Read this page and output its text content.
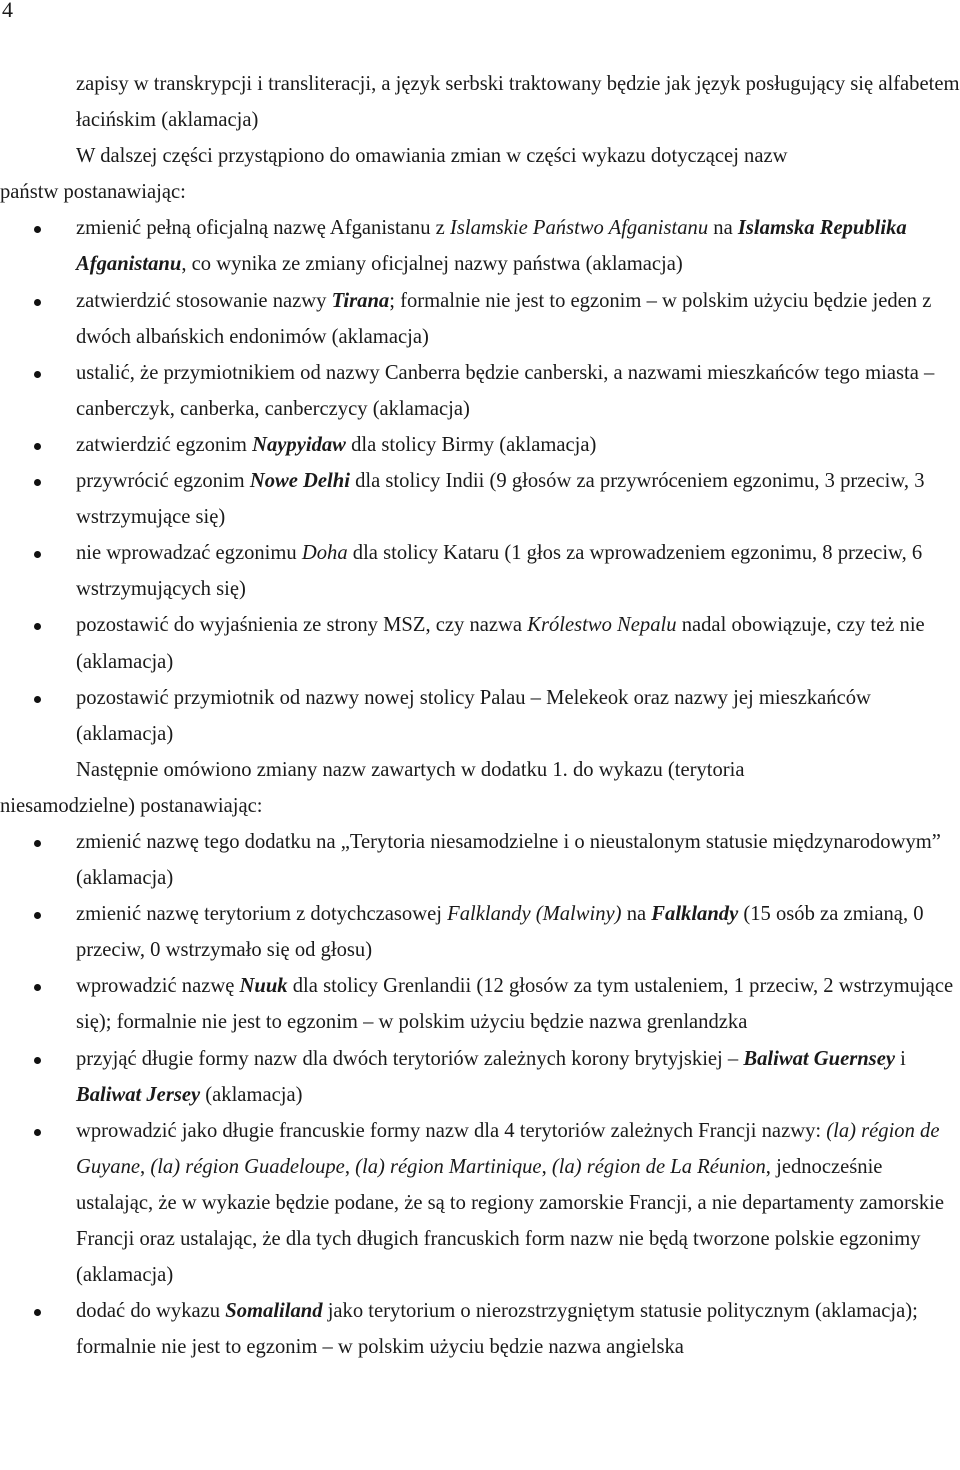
4

zapisy w transkrypcji i transliteracji, a język serbski traktowany będzie jak język posługujący się alfabetem łacińskim (aklamacja)

W dalszej części przystąpiono do omawiania zmian w części wykazu dotyczącej nazw
państw postanawiając:

zmienić pełną oficjalną nazwę Afganistanu z Islamskie Państwo Afganistanu na Islamska Republika Afganistanu, co wynika ze zmiany oficjalnej nazwy państwa (aklamacja)
zatwierdzić stosowanie nazwy Tirana; formalnie nie jest to egzonim – w polskim użyciu będzie jeden z dwóch albańskich endonimów (aklamacja)
ustalić, że przymiotnikiem od nazwy Canberra będzie canberski, a nazwami mieszkańców tego miasta – canberczyk, canberka, canberczycy (aklamacja)
zatwierdzić egzonim Naypyidaw dla stolicy Birmy (aklamacja)
przywrócić egzonim Nowe Delhi dla stolicy Indii (9 głosów za przywróceniem egzonimu, 3 przeciw, 3 wstrzymujące się)
nie wprowadzać egzonimu Doha dla stolicy Kataru (1 głos za wprowadzeniem egzonimu, 8 przeciw, 6 wstrzymujących się)
pozostawić do wyjaśnienia ze strony MSZ, czy nazwa Królestwo Nepalu nadal obowiązuje, czy też nie (aklamacja)
pozostawić przymiotnik od nazwy nowej stolicy Palau – Melekeok oraz nazwy jej mieszkańców (aklamacja)

Następnie omówiono zmiany nazw zawartych w dodatku 1. do wykazu (terytoria
niesamodzielne) postanawiając:

zmienić nazwę tego dodatku na „Terytoria niesamodzielne i o nieustalonym statusie międzynarodowym” (aklamacja)
zmienić nazwę terytorium z dotychczasowej Falklandy (Malwiny) na Falklandy (15 osób za zmianą, 0 przeciw, 0 wstrzymało się od głosu)
wprowadzić nazwę Nuuk dla stolicy Grenlandii (12 głosów za tym ustaleniem, 1 przeciw, 2 wstrzymujące się); formalnie nie jest to egzonim – w polskim użyciu będzie nazwa grenlandzka
przyjąć długie formy nazw dla dwóch terytoriów zależnych korony brytyjskiej – Baliwat Guernsey i Baliwat Jersey (aklamacja)
wprowadzić jako długie francuskie formy nazw dla 4 terytoriów zależnych Francji nazwy: (la) région de Guyane, (la) région Guadeloupe, (la) région Martinique, (la) région de La Réunion, jednocześnie ustalając, że w wykazie będzie podane, że są to regiony zamorskie Francji, a nie departamenty zamorskie Francji oraz ustalając, że dla tych długich francuskich form nazw nie będą tworzone polskie egzonimy (aklamacja)
dodać do wykazu Somaliland jako terytorium o nierozstrzygniętym statusie politycznym (aklamacja); formalnie nie jest to egzonim – w polskim użyciu będzie nazwa angielska
